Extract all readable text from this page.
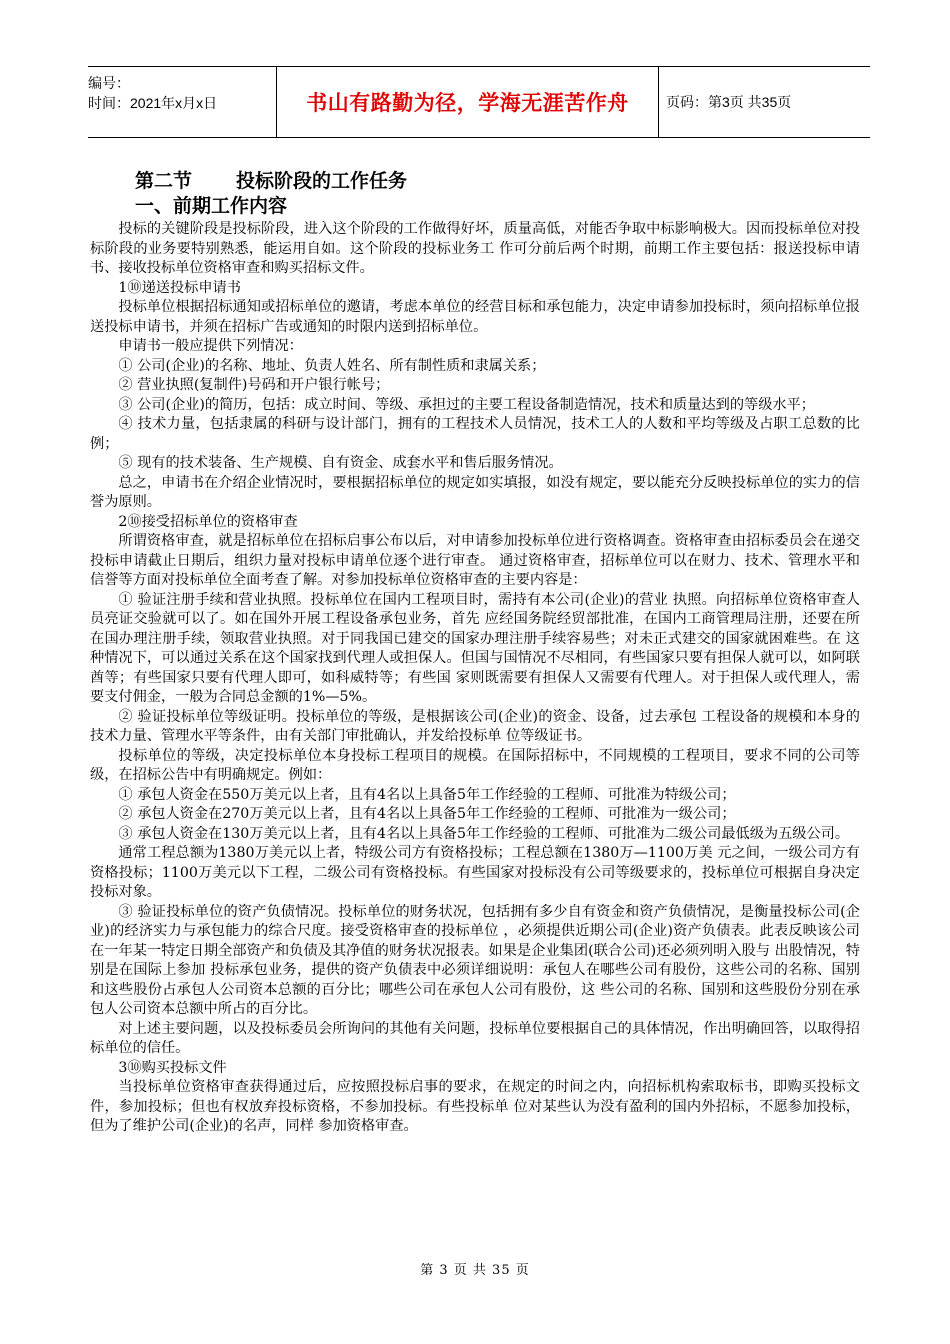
编号：
时间：2021年x月x日	书山有路勤为径，学海无涯苦作舟	页码：第3页 共35页

第二节 投标阶段的工作任务

一、前期工作内容

投标的关键阶段是投标阶段，进入这个阶段的工作做得好坏，质量高低，对能否争取中标影响极大。因而投标单位对投标阶段的业务要特别熟悉，能运用自如。这个阶段的投标业务工 作可分前后两个时期，前期工作主要包括：报送投标申请书、接收投标单位资格审查和购买招标文件。

1⑩递送投标申请书

投标单位根据招标通知或招标单位的邀请，考虑本单位的经营目标和承包能力，决定申请参加投标时，须向招标单位报送投标申请书，并须在招标广告或通知的时限内送到招标单位。

申请书一般应提供下列情况：

① 公司(企业)的名称、地址、负责人姓名、所有制性质和隶属关系；

② 营业执照(复制件)号码和开户银行帐号；

③ 公司(企业)的简历，包括：成立时间、等级、承担过的主要工程设备制造情况，技术和质量达到的等级水平；

④ 技术力量，包括隶属的科研与设计部门，拥有的工程技术人员情况，技术工人的人数和平均等级及占职工总数的比例；

⑤ 现有的技术装备、生产规模、自有资金、成套水平和售后服务情况。

总之，申请书在介绍企业情况时，要根据招标单位的规定如实填报，如没有规定，要以能充分反映投标单位的实力的信誉为原则。

2⑩接受招标单位的资格审查

所谓资格审查，就是招标单位在招标启事公布以后，对申请参加投标单位进行资格调查。资格审查由招标委员会在递交投标申请截止日期后，组织力量对投标申请单位逐个进行审查。 通过资格审查，招标单位可以在财力、技术、管理水平和信誉等方面对投标单位全面考查了解。对参加投标单位资格审查的主要内容是：

① 验证注册手续和营业执照。投标单位在国内工程项目时，需持有本公司(企业)的营业 执照。向招标单位资格审查人员亮证交验就可以了。如在国外开展工程设备承包业务，首先 应经国务院经贸部批准，在国内工商管理局注册，还要在所在国办理注册手续，领取营业执照。对于同我国已建交的国家办理注册手续容易些；对未正式建交的国家就困难些。在 这种情况下，可以通过关系在这个国家找到代理人或担保人。但国与国情况不尽相同，有些国家只要有担保人就可以，如阿联酋等；有些国家只要有代理人即可，如科威特等；有些国 家则既需要有担保人又需要有代理人。对于担保人或代理人，需要支付佣金，一般为合同总金额的1%—5%。

② 验证投标单位等级证明。投标单位的等级，是根据该公司(企业)的资金、设备，过去承包 工程设备的规模和本身的技术力量、管理水平等条件，由有关部门审批确认，并发给投标单 位等级证书。

投标单位的等级，决定投标单位本身投标工程项目的规模。在国际招标中，不同规模的工程项目，要求不同的公司等级，在招标公告中有明确规定。例如：

① 承包人资金在550万美元以上者，且有4名以上具备5年工作经验的工程师、可批准为特级公司；

② 承包人资金在270万美元以上者，且有4名以上具备5年工作经验的工程师、可批准为一级公司；

③ 承包人资金在130万美元以上者，且有4名以上具备5年工作经验的工程师、可批准为二级公司最低级为五级公司。

通常工程总额为1380万美元以上者，特级公司方有资格投标；工程总额在1380万—1100万美 元之间，一级公司方有资格投标；1100万美元以下工程，二级公司有资格投标。有些国家对投标没有公司等级要求的，投标单位可根据自身决定投标对象。

③ 验证投标单位的资产负债情况。投标单位的财务状况，包括拥有多少自有资金和资产负债情况，是衡量投标公司(企业)的经济实力与承包能力的综合尺度。接受资格审查的投标单位 ，必须提供近期公司(企业)资产负债表。此表反映该公司在一年某一特定日期全部资产和负债及其净值的财务状况报表。如果是企业集团(联合公司)还必须列明入股与 出股情况，特别是在国际上参加 投标承包业务，提供的资产负债表中必须详细说明：承包人在哪些公司有股份，这些公司的名称、国别和这些股份占承包人公司资本总额的百分比；哪些公司在承包人公司有股份，这 些公司的名称、国别和这些股份分别在承包人公司资本总额中所占的百分比。

对上述主要问题，以及投标委员会所询问的其他有关问题，投标单位要根据自己的具体情况，作出明确回答，以取得招标单位的信任。

3⑩购买投标文件

当投标单位资格审查获得通过后，应按照投标启事的要求，在规定的时间之内，向招标机构索取标书，即购买投标文件，参加投标；但也有权放弃投标资格，不参加投标。有些投标单 位对某些认为没有盈利的国内外招标，不愿参加投标，但为了维护公司(企业)的名声，同样 参加资格审查。

第 3 页 共 35 页
